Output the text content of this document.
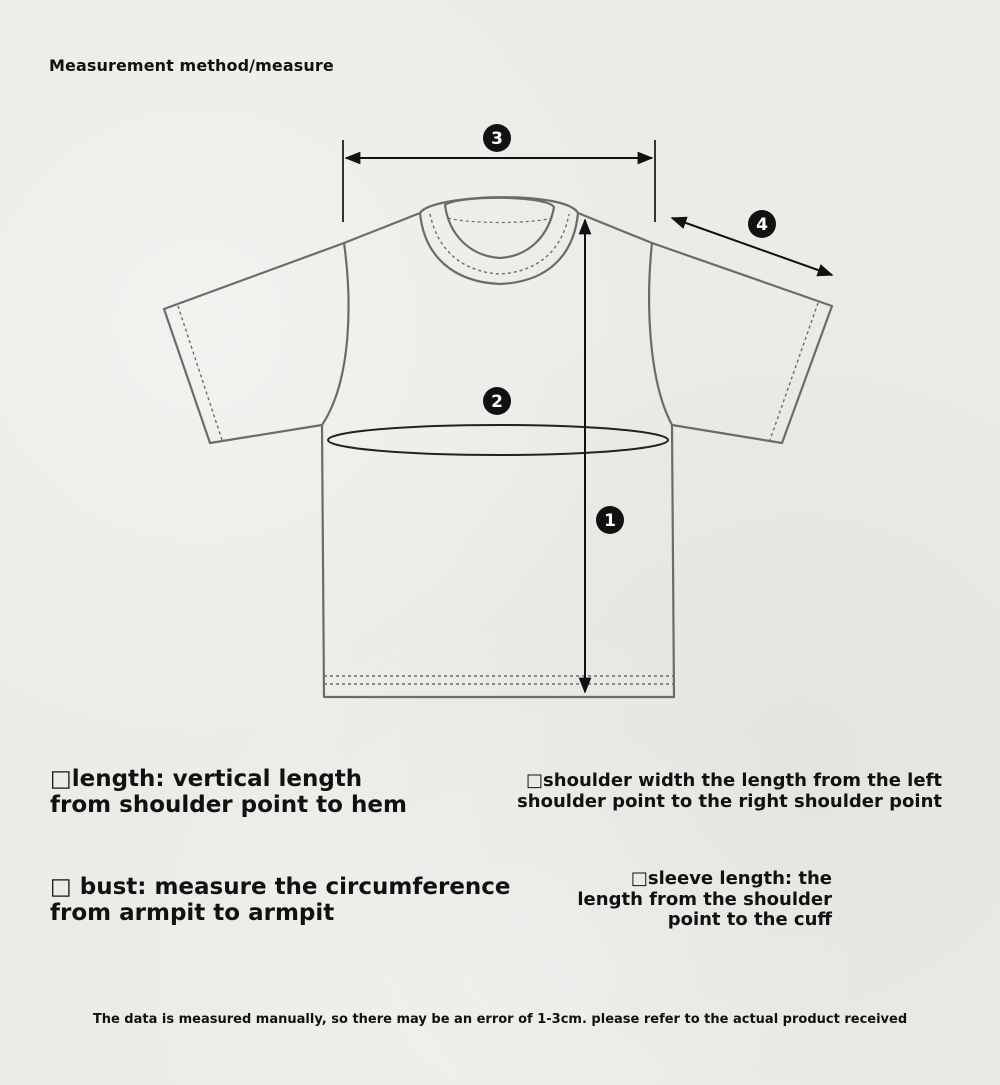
Measurement method/measure
3
4
2
1
□length: vertical length
from shoulder point to hem
□ bust: measure the circumference
from armpit to armpit
□shoulder width the length from the left
shoulder point to the right shoulder point
□sleeve length: the
length from the shoulder
point to the cuff
The data is measured manually, so there may be an error of 1-3cm. please refer to the actual product received
